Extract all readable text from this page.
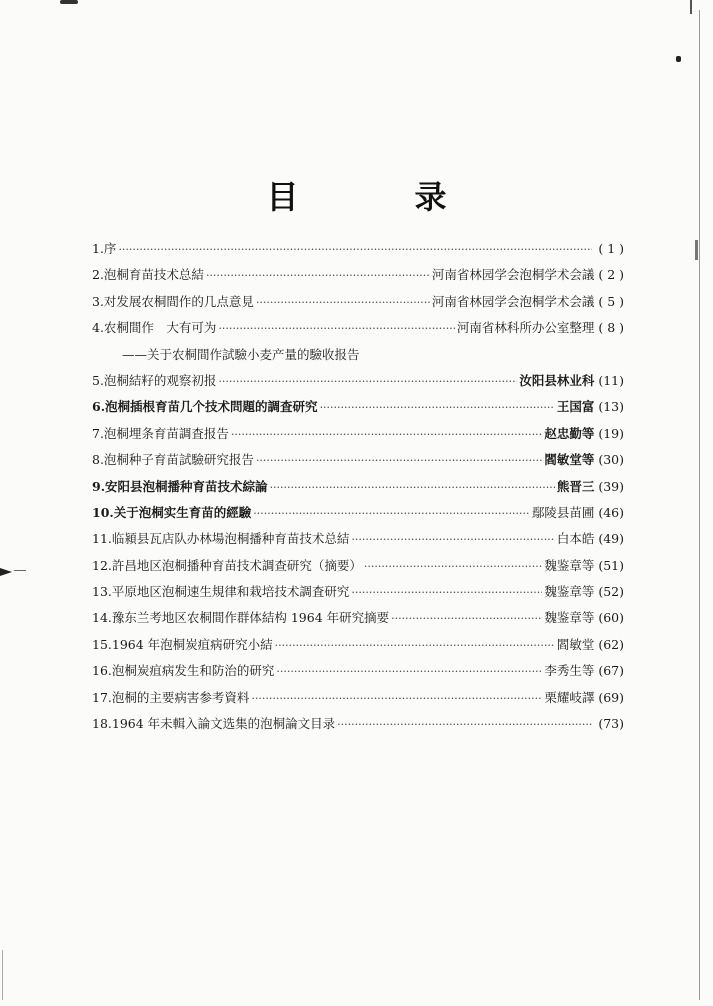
目　录
1.序 ·····	( 1 )
2.泡桐育苗技术总結 ·····	河南省林园学会泡桐学术会議 ( 2 )
3.对发展农桐間作的几点意見 ·····	河南省林园学会泡桐学术会議 ( 5 )
4.农桐間作　大有可为 ·····	河南省林科所办公室整理 ( 8 )
——关于农桐間作試驗小麦产量的驗收报告
5.泡桐結籽的观察初报 ·····	汝阳县林业科 (11)
6.泡桐插根育苗几个技术問題的調査研究 ·····	王国富 (13)
7.泡桐埋条育苗調査报告 ·····	赵忠勤等 (19)
8.泡桐种子育苗試驗研究报告 ·····	閻敏堂等 (30)
9.安阳县泡桐播种育苗技术綜論 ·····	熊晋三 (39)
10.关于泡桐实生育苗的經驗 ·····	鄢陵县苗圃 (46)
11.临潁县瓦店队办林場泡桐播种育苗技术总結 ·····	白本皓 (49)
12.許昌地区泡桐播种育苗技术調查研究（摘要） ·····	魏鉴章等 (51)
13.平原地区泡桐速生規律和栽培技术調査研究 ·····	魏鉴章等 (52)
14.豫东兰考地区农桐間作群体結构 1964 年研究摘要 ·····	魏鉴章等 (60)
15.1964 年泡桐炭疽病研究小結 ·····	閻敏堂 (62)
16.泡桐炭疽病发生和防治的研究 ·····	李秀生等 (67)
17.泡桐的主要病害参考資料 ·····	栗耀岐譯 (69)
18.1964 年未輯入論文选集的泡桐論文目录 ·····	(73)
